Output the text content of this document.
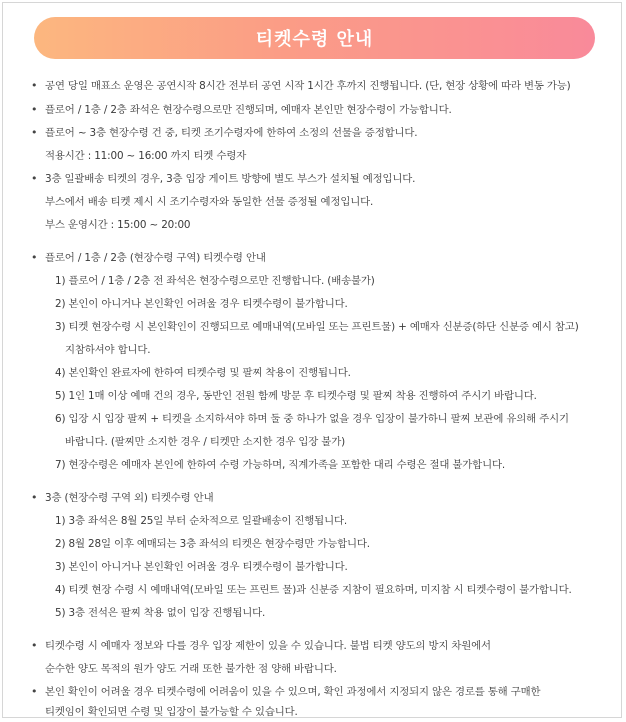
티켓수령 안내
• 공연 당일 매표소 운영은 공연시작 8시간 전부터 공연 시작 1시간 후까지 진행됩니다. (단, 현장 상황에 따라 변동 가능)
• 플로어 / 1층 / 2층 좌석은 현장수령으로만 진행되며, 예매자 본인만 현장수령이 가능합니다.
• 플로어 ~ 3층 현장수령 건 중, 티켓 조기수령자에 한하여 소정의 선물을 증정합니다.
적용시간 : 11:00 ~ 16:00 까지 티켓 수령자
• 3층 일괄배송 티켓의 경우, 3층 입장 게이트 방향에 별도 부스가 설치될 예정입니다.
부스에서 배송 티켓 제시 시 조기수령자와 동일한 선물 증정될 예정입니다.
부스 운영시간 : 15:00 ~ 20:00
• 플로어 / 1층 / 2층 (현장수령 구역) 티켓수령 안내
1) 플로어 / 1층 / 2층 전 좌석은 현장수령으로만 진행합니다. (배송불가)
2) 본인이 아니거나 본인확인 어려울 경우 티켓수령이 불가합니다.
3) 티켓 현장수령 시 본인확인이 진행되므로 예매내역(모바일 또는 프린트물) + 예매자 신분증(하단 신분증 예시 참고)
지참하셔야 합니다.
4) 본인확인 완료자에 한하여 티켓수령 및 팔찌 착용이 진행됩니다.
5) 1인 1매 이상 예매 건의 경우, 동반인 전원 함께 방문 후 티켓수령 및 팔찌 착용 진행하여 주시기 바랍니다.
6) 입장 시 입장 팔찌 + 티켓을 소지하셔야 하며 둘 중 하나가 없을 경우 입장이 불가하니 팔찌 보관에 유의해 주시기
바랍니다. (팔찌만 소지한 경우 / 티켓만 소지한 경우 입장 불가)
7) 현장수령은 예매자 본인에 한하여 수령 가능하며, 직계가족을 포함한 대리 수령은 절대 불가합니다.
• 3층 (현장수령 구역 외) 티켓수령 안내
1) 3층 좌석은 8월 25일 부터 순차적으로 일괄배송이 진행됩니다.
2) 8월 28일 이후 예매되는 3층 좌석의 티켓은 현장수령만 가능합니다.
3) 본인이 아니거나 본인확인 어려울 경우 티켓수령이 불가합니다.
4) 티켓 현장 수령 시 예매내역(모바일 또는 프린트 물)과 신분증 지참이 필요하며, 미지참 시 티켓수령이 불가합니다.
5) 3층 전석은 팔찌 착용 없이 입장 진행됩니다.
• 티켓수령 시 예매자 정보와 다를 경우 입장 제한이 있을 수 있습니다. 불법 티켓 양도의 방지 차원에서
순수한 양도 목적의 원가 양도 거래 또한 불가한 점 양해 바랍니다.
• 본인 확인이 어려울 경우 티켓수령에 어려움이 있을 수 있으며, 확인 과정에서 지정되지 않은 경로를 통해 구매한
티켓임이 확인되면 수령 및 입장이 불가능할 수 있습니다.
